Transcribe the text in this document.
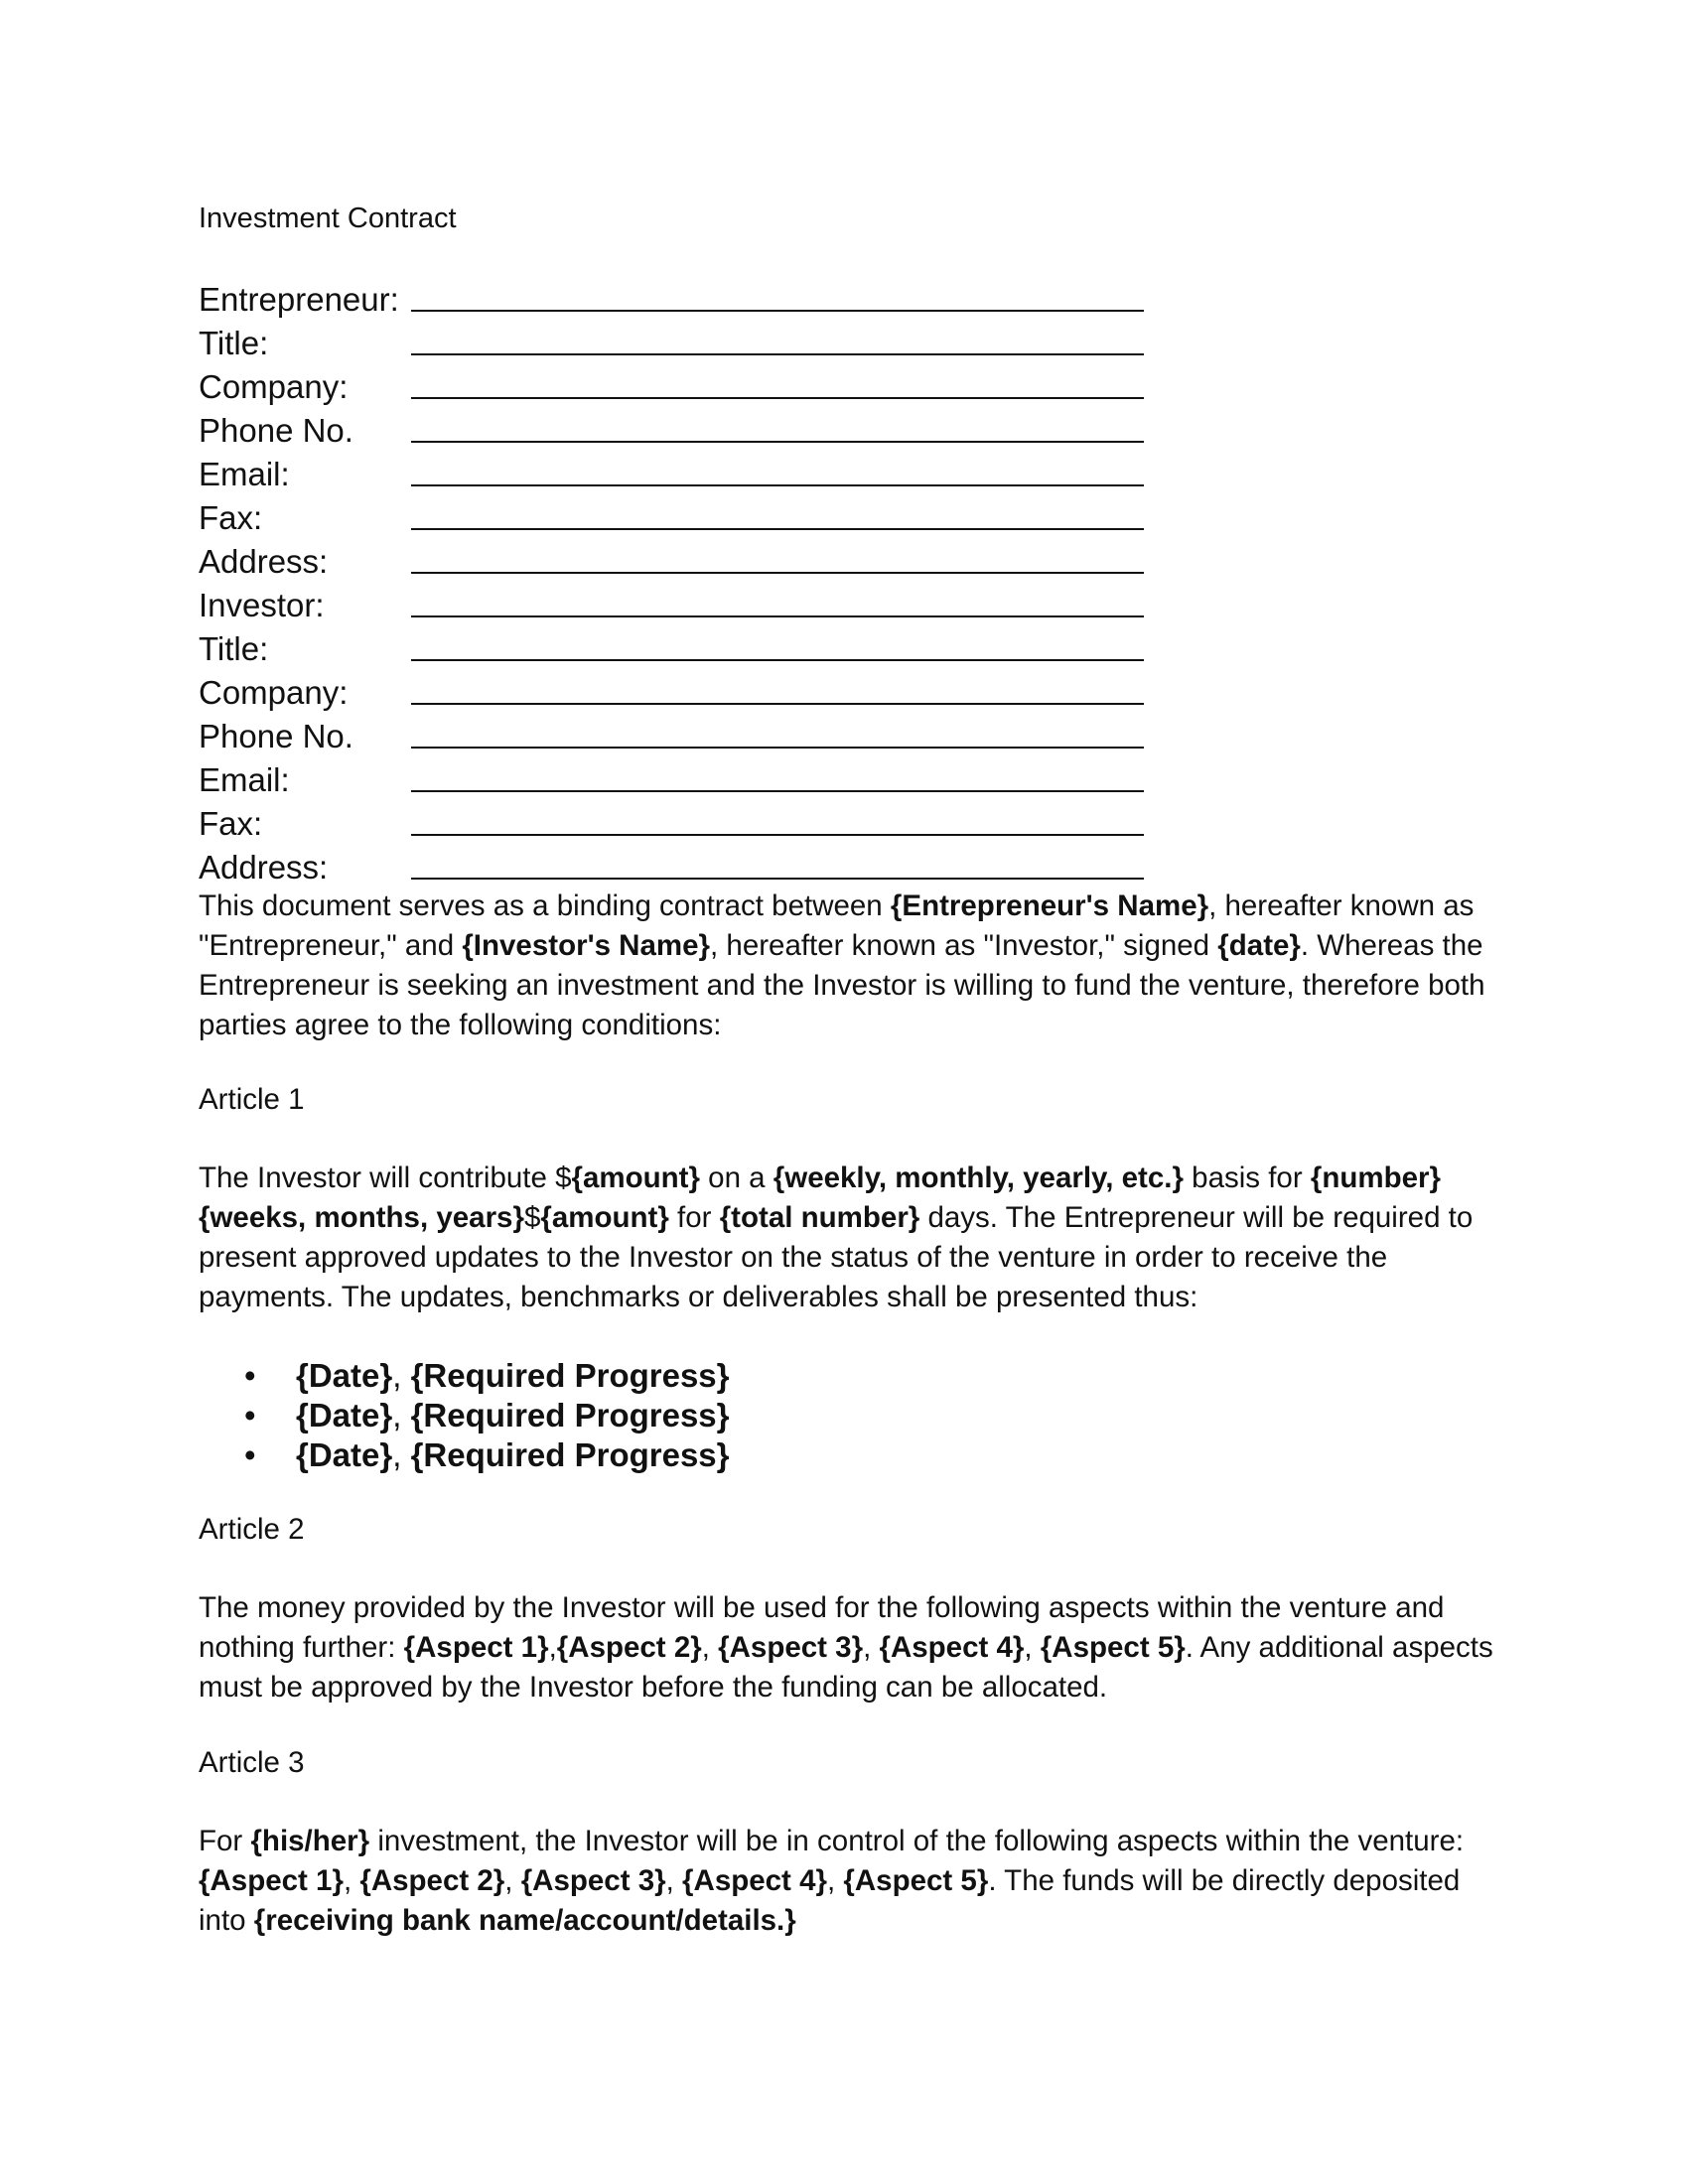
Investment Contract
Entrepreneur:
Title:
Company:
Phone No.
Email:
Fax:
Address:
Investor:
Title:
Company:
Phone No.
Email:
Fax:
Address:

This document serves as a binding contract between {Entrepreneur's Name}, hereafter known as "Entrepreneur," and {Investor's Name}, hereafter known as "Investor," signed {date}. Whereas the Entrepreneur is seeking an investment and the Investor is willing to fund the venture, therefore both parties agree to the following conditions:

Article 1

The Investor will contribute ${amount} on a {weekly, monthly, yearly, etc.} basis for {number} {weeks, months, years}${amount} for {total number} days. The Entrepreneur will be required to present approved updates to the Investor on the status of the venture in order to receive the payments. The updates, benchmarks or deliverables shall be presented thus:

• {Date}, {Required Progress}
• {Date}, {Required Progress}
• {Date}, {Required Progress}
Article 2

The money provided by the Investor will be used for the following aspects within the venture and nothing further: {Aspect 1},{Aspect 2}, {Aspect 3}, {Aspect 4}, {Aspect 5}. Any additional aspects must be approved by the Investor before the funding can be allocated.

Article 3

For {his/her} investment, the Investor will be in control of the following aspects within the venture: {Aspect 1}, {Aspect 2}, {Aspect 3}, {Aspect 4}, {Aspect 5}. The funds will be directly deposited into {receiving bank name/account/details.}
